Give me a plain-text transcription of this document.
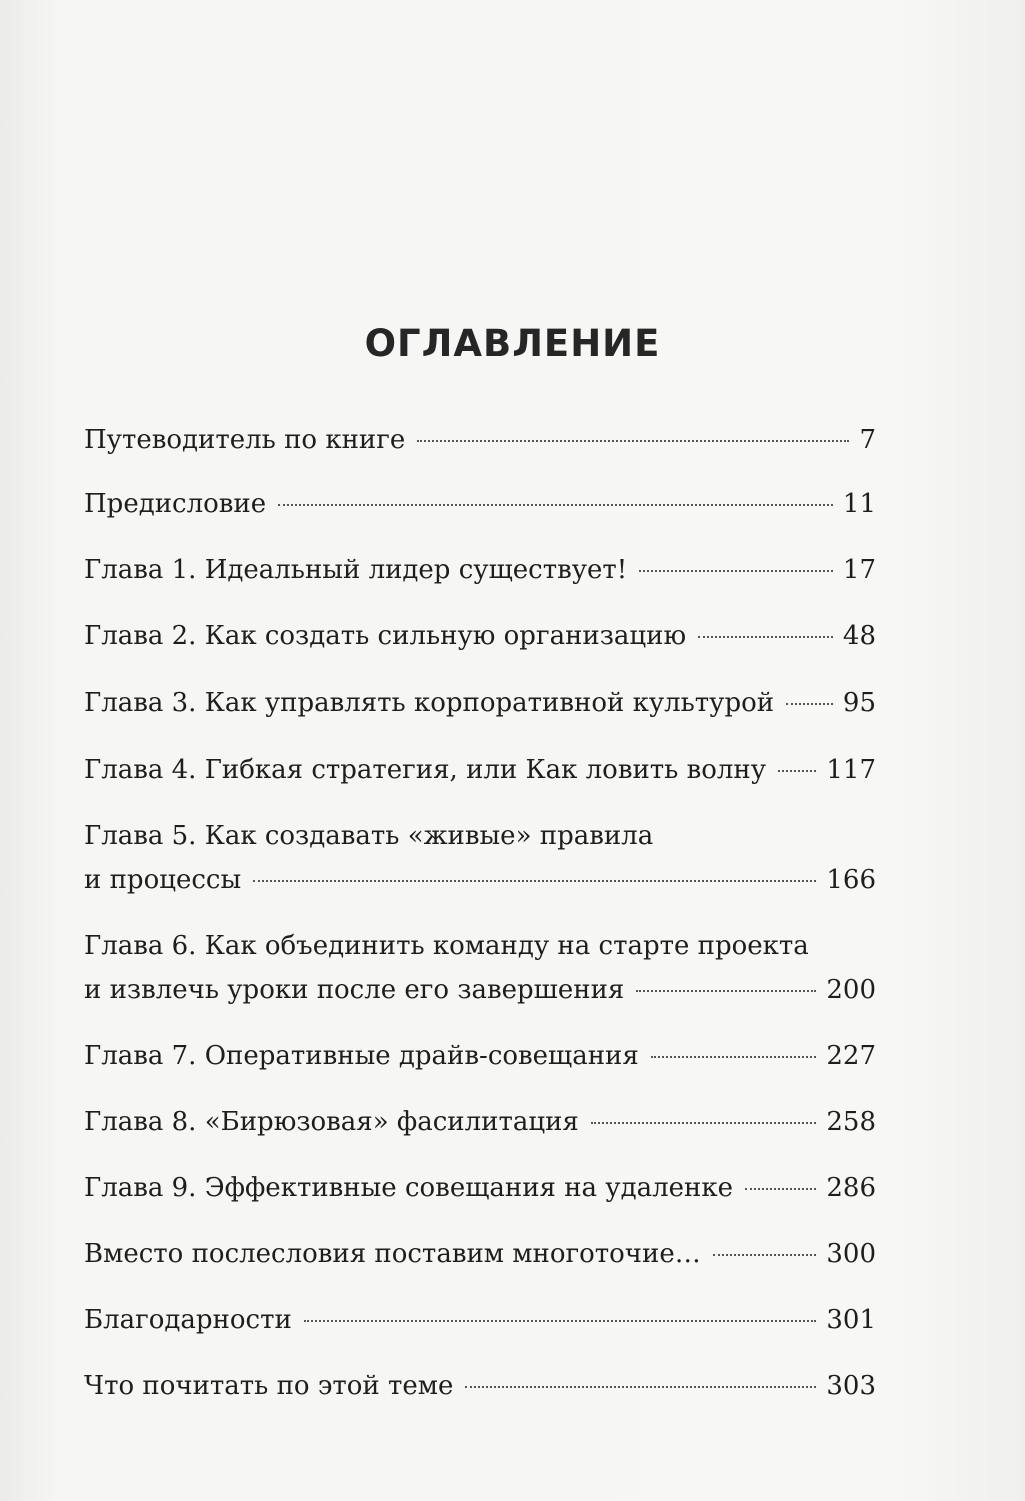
ОГЛАВЛЕНИЕ
Путеводитель по книге	7
Предисловие	11
Глава 1. Идеальный лидер существует!	17
Глава 2. Как создать сильную организацию	48
Глава 3. Как управлять корпоративной культурой	95
Глава 4. Гибкая стратегия, или Как ловить волну 117
Глава 5. Как создавать «живые» правила
и процессы	166
Глава 6. Как объединить команду на старте проекта
и извлечь уроки после его завершения	200
Глава 7. Оперативные драйв-совещания	227
Глава 8. «Бирюзовая» фасилитация	258
Глава 9. Эффективные совещания на удаленке	286
Вместо послесловия поставим многоточие…	300
Благодарности	301
Что почитать по этой теме	303
